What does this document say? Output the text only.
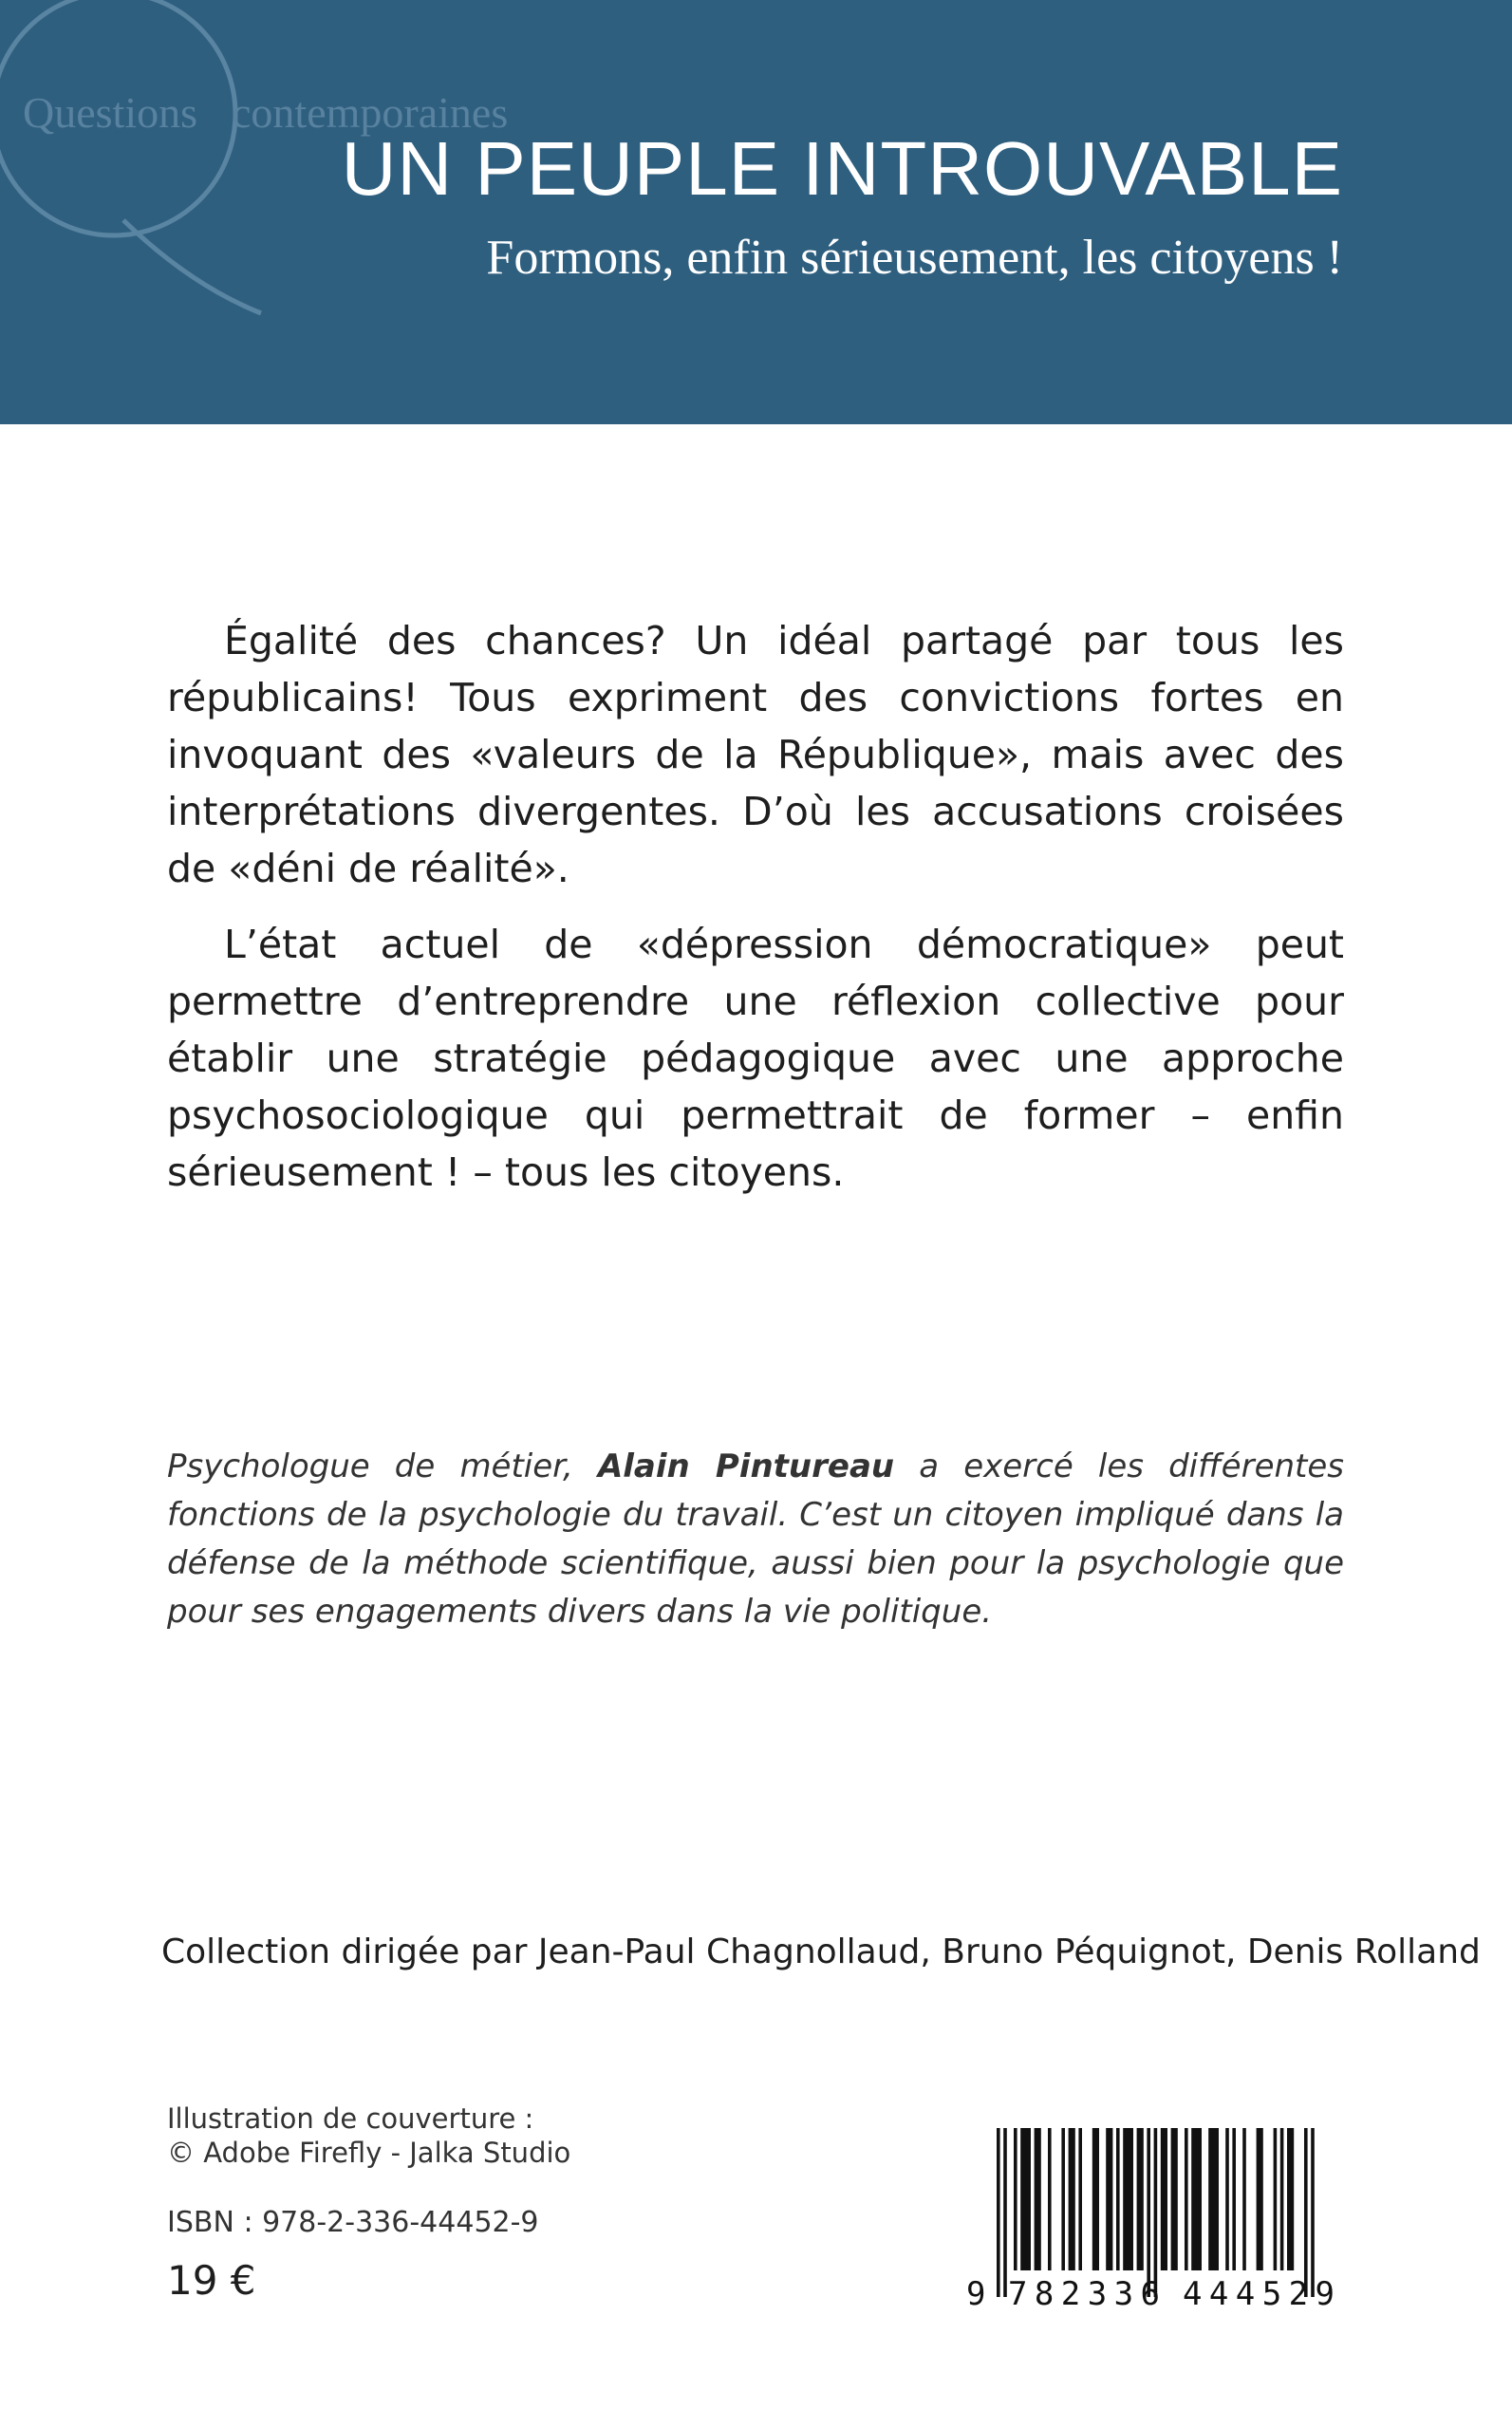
Q
Questions contemporaines
UN PEUPLE INTROUVABLE
Formons, enfin sérieusement, les citoyens !

Égalité des chances? Un idéal partagé par tous les républicains! Tous expriment des convictions fortes en invoquant des «valeurs de la République», mais avec des interprétations divergentes. D’où les accusations croisées de «déni de réalité».

L’état actuel de «dépression démocratique» peut permettre d’entreprendre une réflexion collective pour établir une stratégie pédagogique avec une approche psychosociologique qui permettrait de former – enfin sérieusement ! – tous les citoyens.

Psychologue de métier, Alain Pintureau a exercé les différentes fonctions de la psychologie du travail. C’est un citoyen impliqué dans la défense de la méthode scientifique, aussi bien pour la psychologie que pour ses engagements divers dans la vie politique.
Collection dirigée par Jean-Paul Chagnollaud, Bruno Péquignot, Denis Rolland
Illustration de couverture :
© Adobe Firefly - Jalka Studio
ISBN : 978-2-336-44452-9
19 €	9 782336 444529
